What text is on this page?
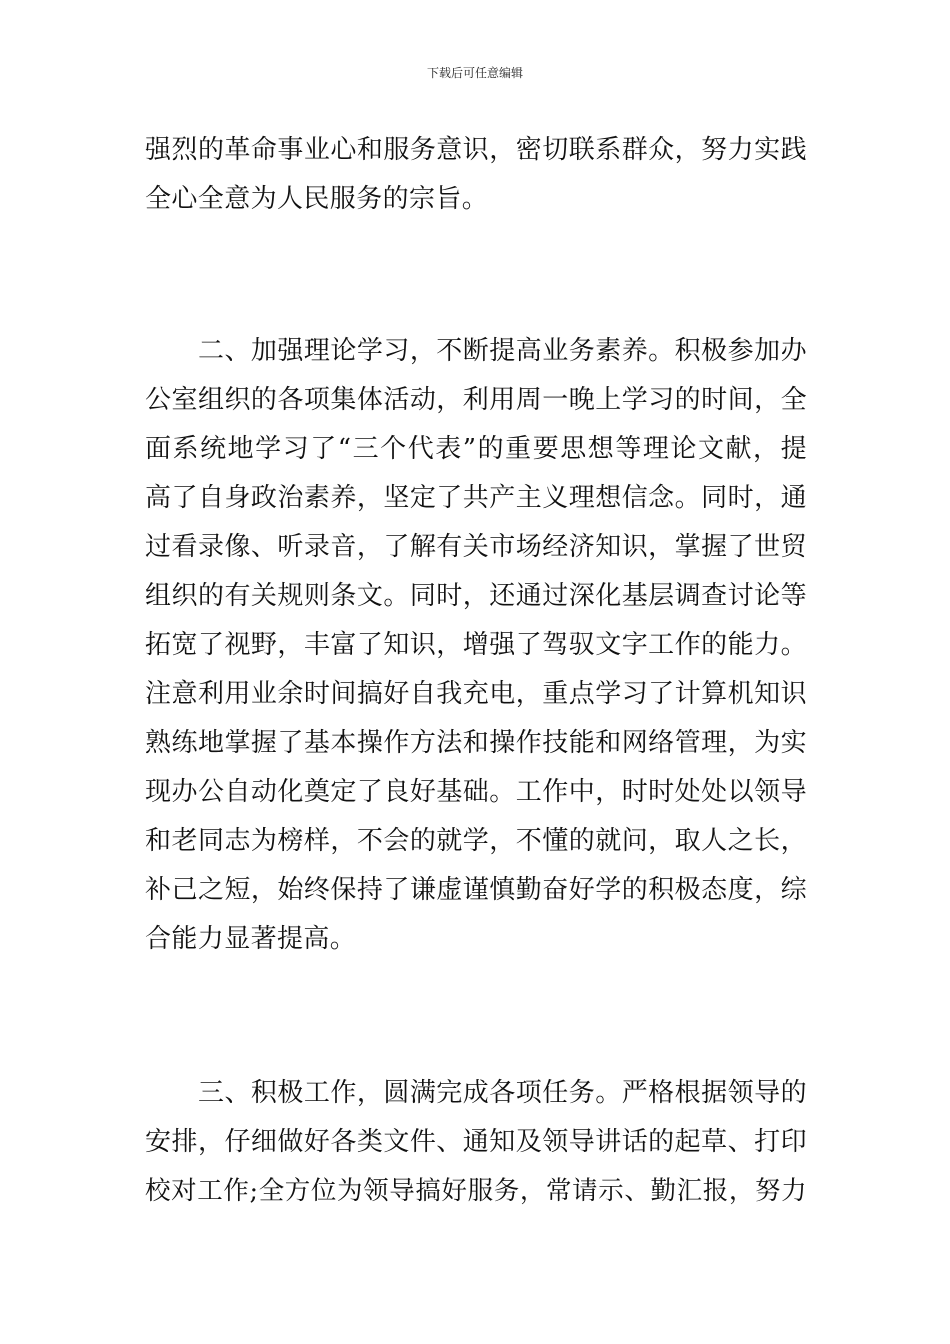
下载后可任意编辑
强烈的革命事业心和服务意识，密切联系群众，努力实践
全心全意为人民服务的宗旨。
　　二、加强理论学习，不断提高业务素养。积极参加办
公室组织的各项集体活动，利用周一晚上学习的时间，全
面系统地学习了“三个代表”的重要思想等理论文献，提
高了自身政治素养，坚定了共产主义理想信念。同时，通
过看录像、听录音，了解有关市场经济知识，掌握了世贸
组织的有关规则条文。同时，还通过深化基层调查讨论等
拓宽了视野，丰富了知识，增强了驾驭文字工作的能力。
注意利用业余时间搞好自我充电，重点学习了计算机知识
熟练地掌握了基本操作方法和操作技能和网络管理，为实
现办公自动化奠定了良好基础。工作中，时时处处以领导
和老同志为榜样，不会的就学，不懂的就问，取人之长，
补己之短，始终保持了谦虚谨慎勤奋好学的积极态度，综
合能力显著提高。
　　三、积极工作，圆满完成各项任务。严格根据领导的
安排，仔细做好各类文件、通知及领导讲话的起草、打印
校对工作;全方位为领导搞好服务，常请示、勤汇报，努力
